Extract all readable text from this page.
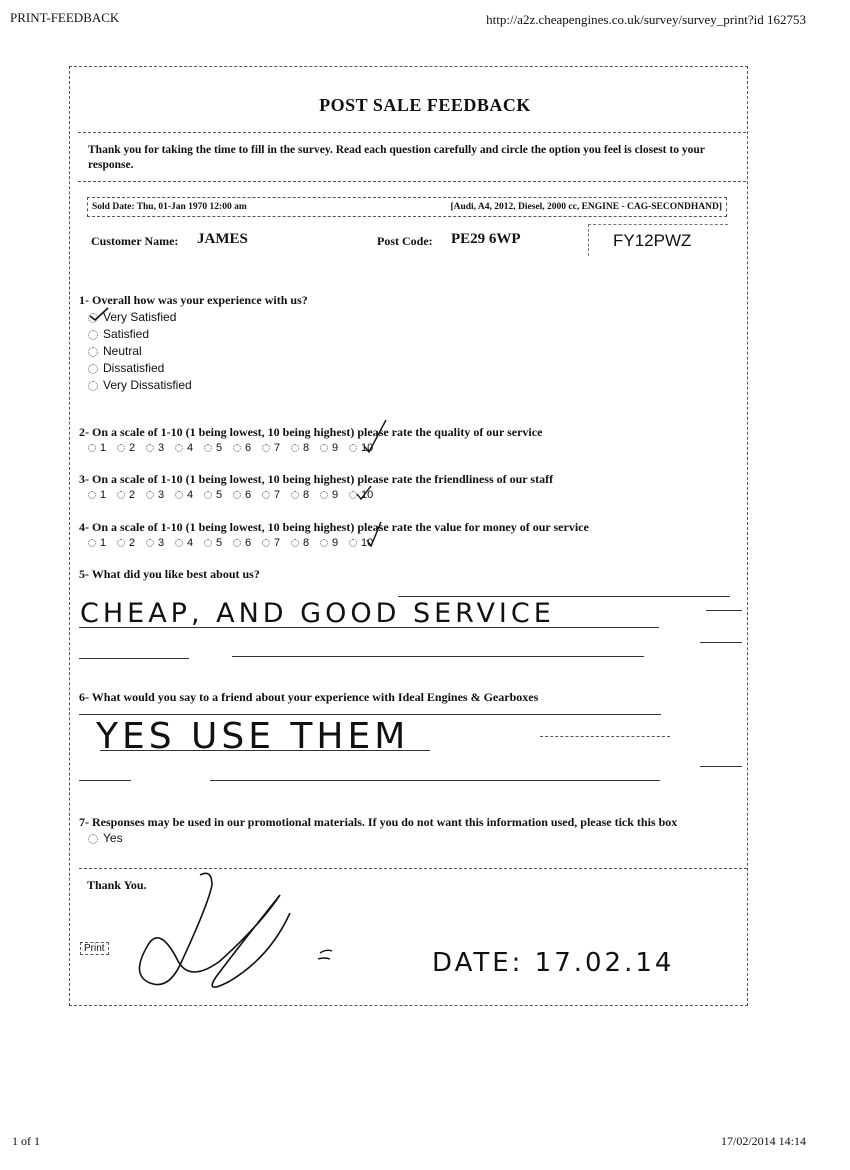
PRINT-FEEDBACK	http://a2z.cheapengines.co.uk/survey/survey_print?id 162753
POST SALE FEEDBACK
Thank you for taking the time to fill in the survey. Read each question carefully and circle the option you feel is closest to your response.
Sold Date: Thu, 01-Jan 1970 12:00 am	[Audi, A4, 2012, Diesel, 2000 cc, ENGINE - CAG-SECONDHAND]
Customer Name: JAMES	Post Code: PE29 6WP	FY12PWZ
1- Overall how was your experience with us?
Very Satisfied
Satisfied
Neutral
Dissatisfied
Very Dissatisfied
2- On a scale of 1-10 (1 being lowest, 10 being highest) please rate the quality of our service
1	2	3	4	5	6	7	8	9	10
3- On a scale of 1-10 (1 being lowest, 10 being highest) please rate the friendliness of our staff
1	2	3	4	5	6	7	8	9	10
4- On a scale of 1-10 (1 being lowest, 10 being highest) please rate the value for money of our service
1	2	3	4	5	6	7	8	9	10
5- What did you like best about us?
CHEAP, AND GOOD SERVICE
6- What would you say to a friend about your experience with Ideal Engines & Gearboxes
YES USE THEM
7- Responses may be used in our promotional materials. If you do not want this information used, please tick this box
Yes
Thank You.
Print	DATE: 17.02.14
1 of 1	17/02/2014 14:14
